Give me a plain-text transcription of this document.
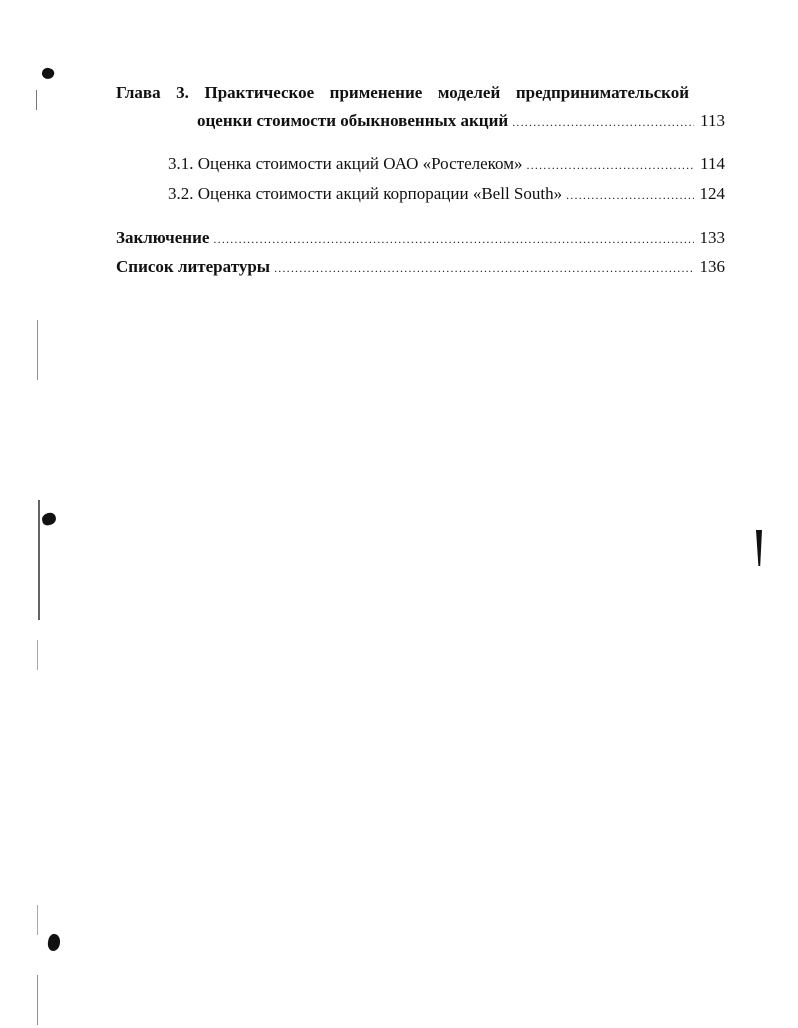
Глава 3. Практическое применение моделей предпринимательской
оценки стоимости обыкновенных акций .....	113
3.1. Оценка стоимости акций ОАО «Ростелеком» .....	114
3.2. Оценка стоимости акций корпорации «Bell South» .....	124
Заключение .....	133
Список литературы .....	136
